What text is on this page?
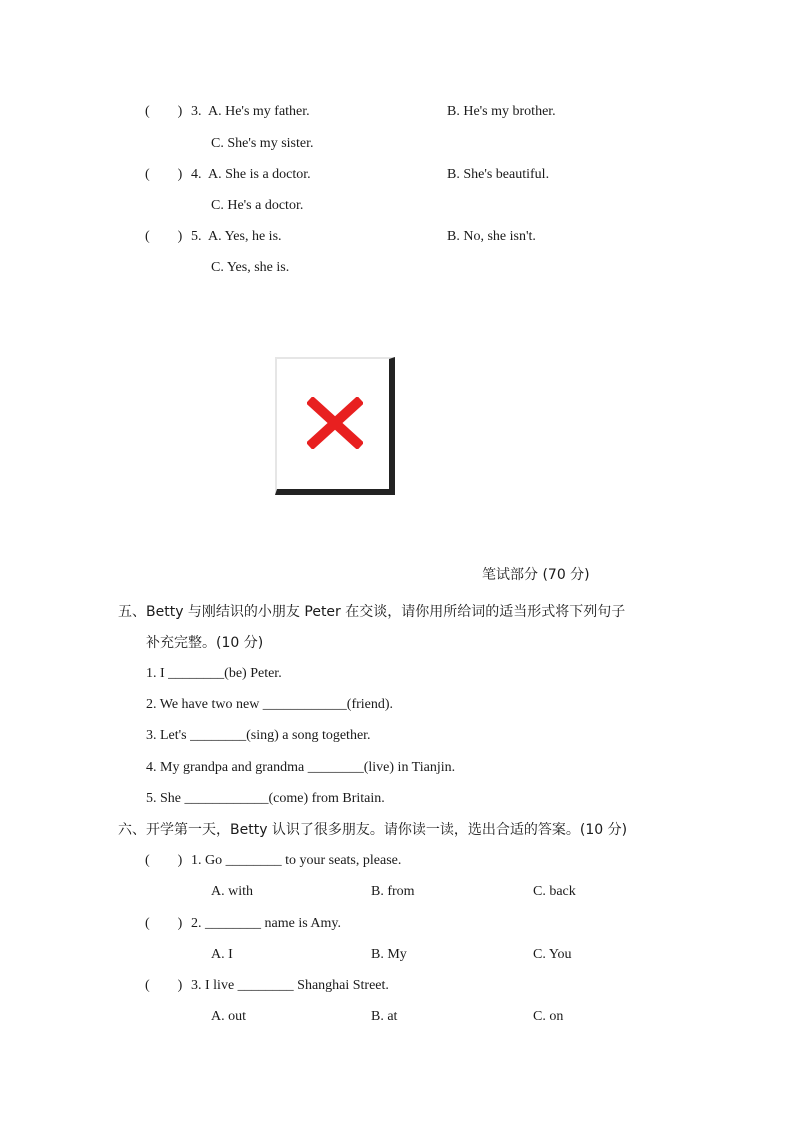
(        ) 3. A. He's my father.	B. He's my brother.
C. She's my sister.
(        ) 4. A. She is a doctor.	B. She's beautiful.
C. He's a doctor.
(        ) 5. A. Yes, he is.	B. No, she isn't.
C. Yes, she is.
笔试部分 (70 分)
五、Betty 与刚结识的小朋友 Peter 在交谈，请你用所给词的适当形式将下列句子
补充完整。(10 分)
1. I ________(be) Peter.
2. We have two new ____________(friend).
3. Let's ________(sing) a song together.
4. My grandpa and grandma ________(live) in Tianjin.
5. She ____________(come) from Britain.
六、开学第一天，Betty 认识了很多朋友。请你读一读，选出合适的答案。(10 分)
(        ) 1. Go ________ to your seats, please.
A. with	B. from	C. back
(        ) 2. ________ name is Amy.
A. I	B. My	C. You
(        ) 3. I live ________ Shanghai Street.
A. out	B. at	C. on
